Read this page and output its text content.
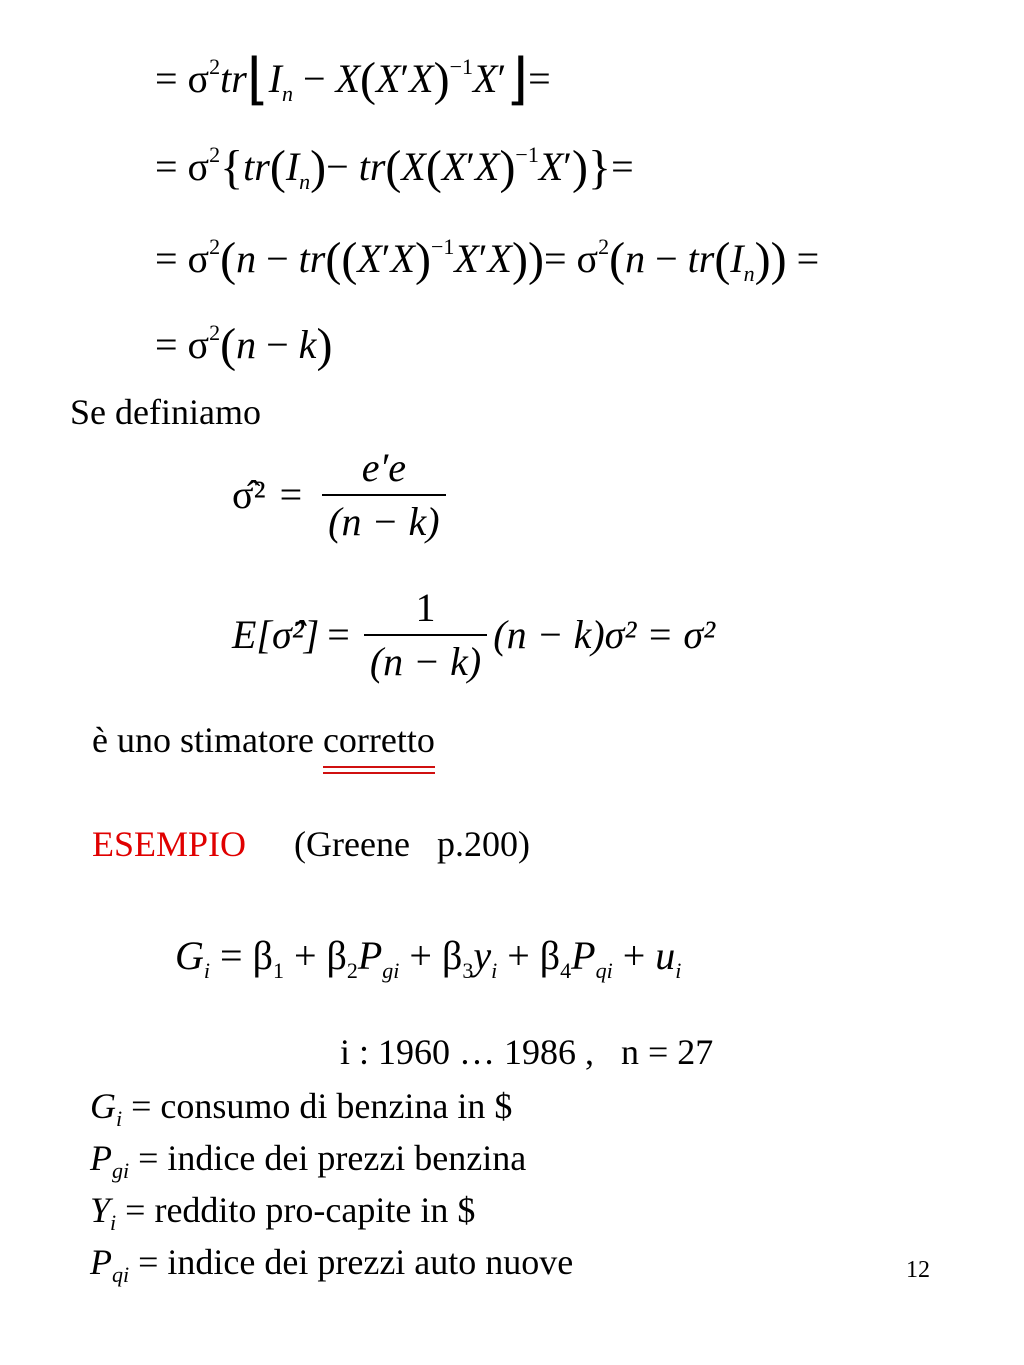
= $\sigma^2tr⌊I_n$ − $X(X'X)^{-1}X'⌋=$
= $\sigma^2\{tr(I_n)- tr(X(X'X)^{-1}X')\}=$
= $\sigma^2(n - tr((X'X)^{-1}X'X))= \sigma^2(n - tr(I_n))$ =
= $\sigma^2(n - k)$
Se definiamo
σ̂² = $\frac{e'e}{(n - k)}$
E[σ̂²] = $\frac{1}{(n - k)} (n - k)\sigma^2 = \sigma^2$
è uno stimatore corretto
ESEMPIO (Greene   p.200)
$G_i = \beta_1 + \beta_2P_{gi} + \beta_3y_i + \beta_4P_{qi} + u_i$
i : 1960 … 1986 ,   n = 27
$G_i$ = consumo di benzina in $
$P_{gi}$ = indice dei prezzi benzina
$Y_i$ = reddito pro-capite in $
$P_{qi}$ = indice dei prezzi auto nuove	12
